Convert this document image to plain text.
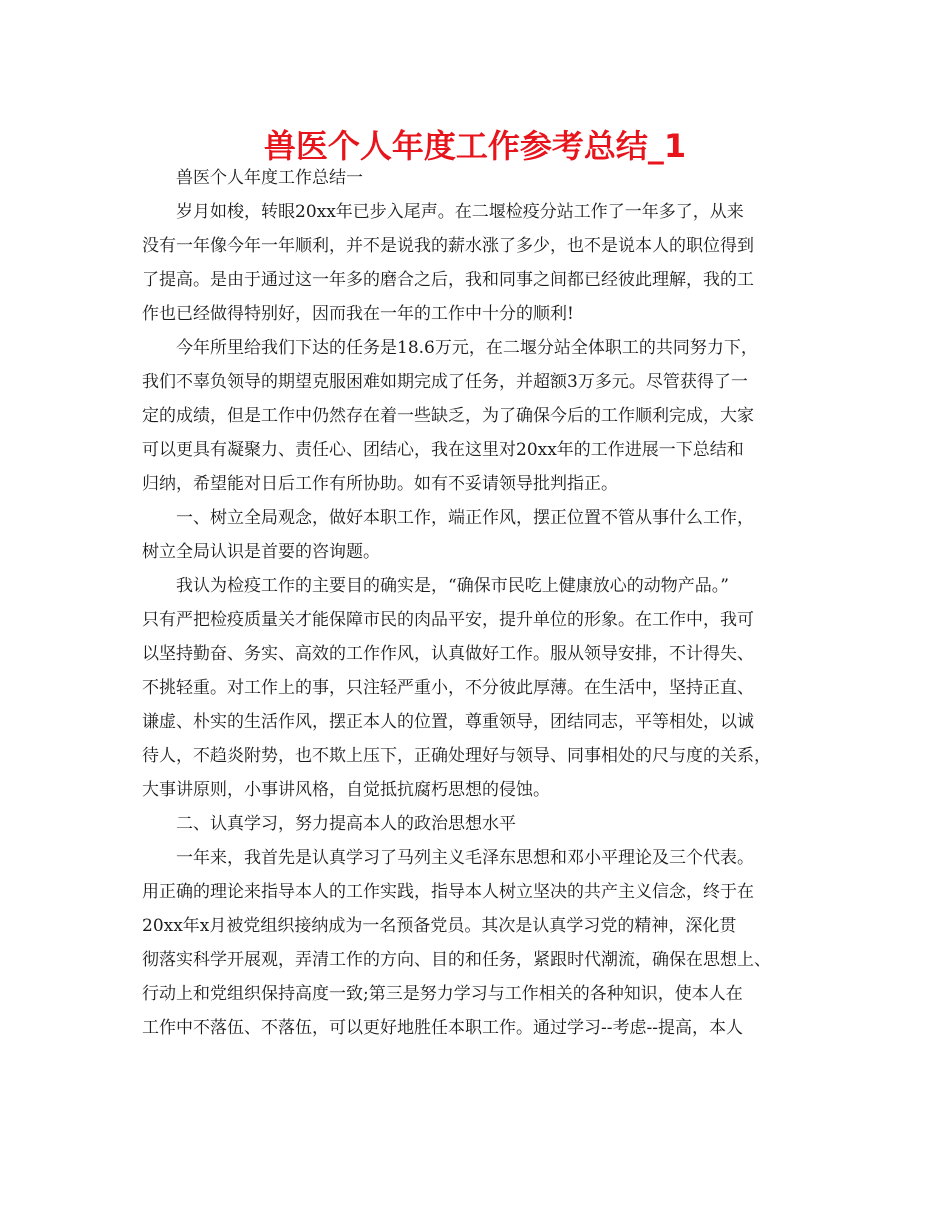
兽医个人年度工作参考总结_1
兽医个人年度工作总结一
岁月如梭，转眼20xx年已步入尾声。在二堰检疫分站工作了一年多了，从来
没有一年像今年一年顺利，并不是说我的薪水涨了多少，也不是说本人的职位得到
了提高。是由于通过这一年多的磨合之后，我和同事之间都已经彼此理解，我的工
作也已经做得特别好，因而我在一年的工作中十分的顺利!
今年所里给我们下达的任务是18.6万元，在二堰分站全体职工的共同努力下，
我们不辜负领导的期望克服困难如期完成了任务，并超额3万多元。尽管获得了一
定的成绩，但是工作中仍然存在着一些缺乏，为了确保今后的工作顺利完成，大家
可以更具有凝聚力、责任心、团结心，我在这里对20xx年的工作进展一下总结和
归纳，希望能对日后工作有所协助。如有不妥请领导批判指正。
一、树立全局观念，做好本职工作，端正作风，摆正位置不管从事什么工作，
树立全局认识是首要的咨询题。
我认为检疫工作的主要目的确实是，“确保市民吃上健康放心的动物产品。”
只有严把检疫质量关才能保障市民的肉品平安，提升单位的形象。在工作中，我可
以坚持勤奋、务实、高效的工作作风，认真做好工作。服从领导安排，不计得失、
不挑轻重。对工作上的事，只注轻严重小，不分彼此厚薄。在生活中，坚持正直、
谦虚、朴实的生活作风，摆正本人的位置，尊重领导，团结同志，平等相处，以诚
待人，不趋炎附势，也不欺上压下，正确处理好与领导、同事相处的尺与度的关系，
大事讲原则，小事讲风格，自觉抵抗腐朽思想的侵蚀。
二、认真学习，努力提高本人的政治思想水平
一年来，我首先是认真学习了马列主义毛泽东思想和邓小平理论及三个代表。
用正确的理论来指导本人的工作实践，指导本人树立坚决的共产主义信念，终于在
20xx年x月被党组织接纳成为一名预备党员。其次是认真学习党的精神，深化贯
彻落实科学开展观，弄清工作的方向、目的和任务，紧跟时代潮流，确保在思想上、
行动上和党组织保持高度一致;第三是努力学习与工作相关的各种知识，使本人在
工作中不落伍、不落伍，可以更好地胜任本职工作。通过学习--考虑--提高，本人
